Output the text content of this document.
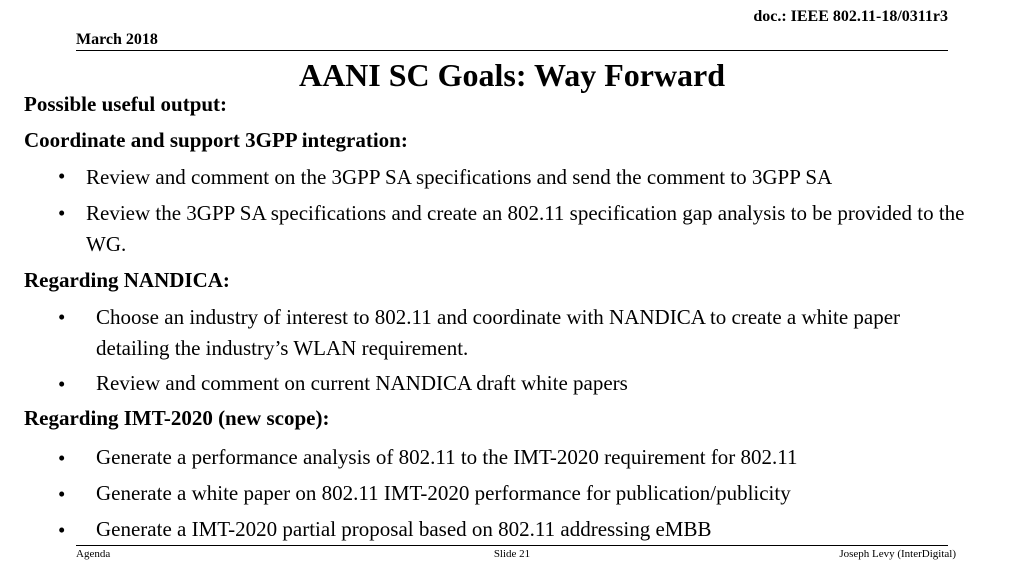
doc.: IEEE 802.11-18/0311r3
March 2018
AANI SC Goals: Way Forward
Possible useful output:
Coordinate and support 3GPP integration:
• Review and comment on the 3GPP SA specifications and send the comment to 3GPP SA
• Review the 3GPP SA specifications and create an 802.11 specification gap analysis to be provided to the WG.
Regarding NANDICA:
• Choose an industry of interest to 802.11 and coordinate with NANDICA to create a white paper detailing the industry’s WLAN requirement.
• Review and comment on current NANDICA draft white papers
Regarding IMT-2020 (new scope):
• Generate a performance analysis of 802.11 to the IMT-2020 requirement for 802.11
• Generate a white paper on 802.11 IMT-2020 performance for publication/publicity
• Generate a IMT-2020 partial proposal based on 802.11 addressing eMBB
Agenda	Slide 21	Joseph Levy (InterDigital)
